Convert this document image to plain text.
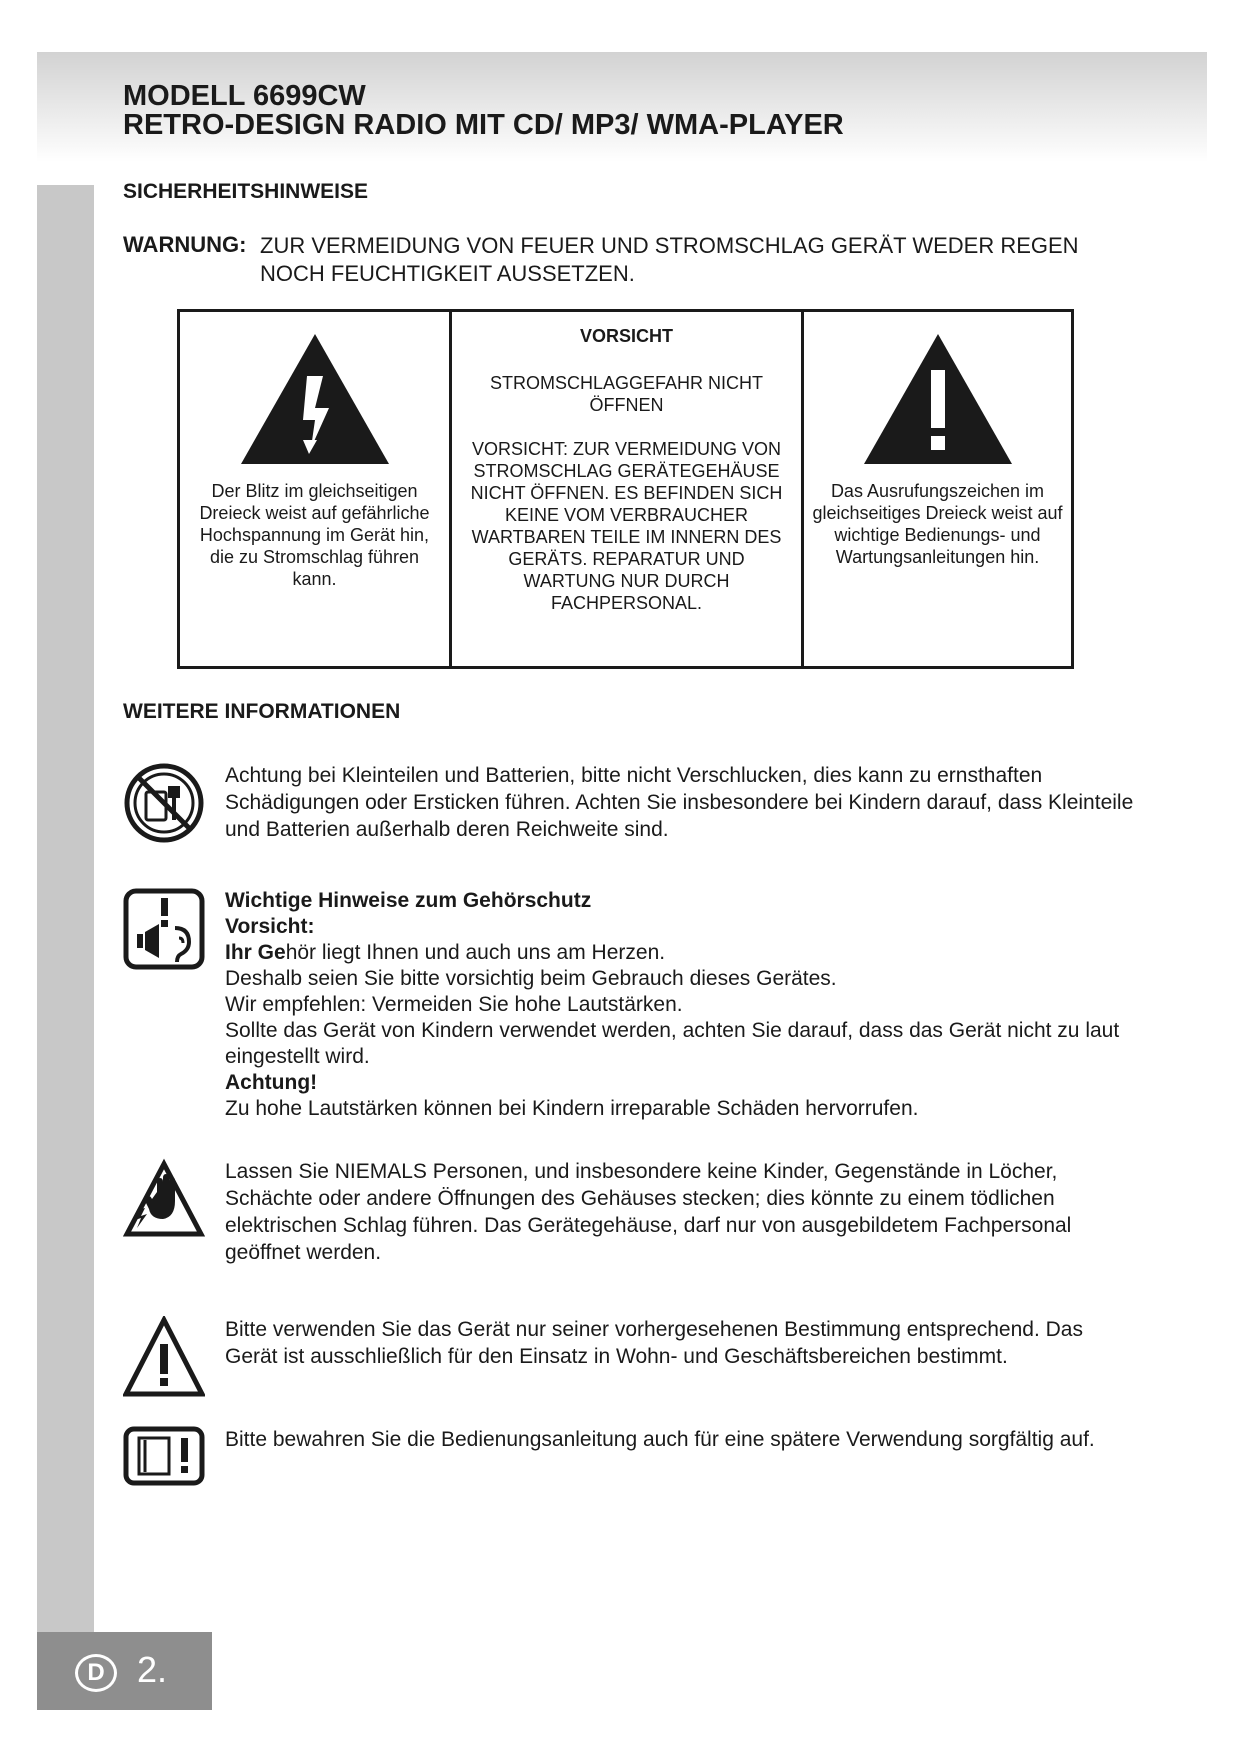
MODELL 6699CW
RETRO-DESIGN RADIO MIT CD/ MP3/ WMA-PLAYER
SICHERHEITSHINWEISE
WARNUNG: ZUR VERMEIDUNG VON FEUER UND STROMSCHLAG GERÄT WEDER REGEN NOCH FEUCHTIGKEIT AUSSETZEN.
Der Blitz im gleichseitigen Dreieck weist auf gefährliche Hochspannung im Gerät hin, die zu Stromschlag führen kann.
VORSICHT
STROMSCHLAGGEFAHR NICHT ÖFFNEN
VORSICHT: ZUR VERMEIDUNG VON STROMSCHLAG GERÄTEGEHÄUSE NICHT ÖFFNEN. ES BEFINDEN SICH KEINE VOM VERBRAUCHER WARTBAREN TEILE IM INNERN DES GERÄTS. REPARATUR UND WARTUNG NUR DURCH FACHPERSONAL.
Das Ausrufungszeichen im gleichseitiges Dreieck weist auf wichtige Bedienungs- und Wartungsanleitungen hin.
WEITERE INFORMATIONEN
Achtung bei Kleinteilen und Batterien, bitte nicht Verschlucken, dies kann zu ernsthaften Schädigungen oder Ersticken führen. Achten Sie insbesondere bei Kindern darauf, dass Kleinteile und Batterien außerhalb deren Reichweite sind.

Wichtige Hinweise zum Gehörschutz

Vorsicht:

Ihr Gehör liegt Ihnen und auch uns am Herzen.

Deshalb seien Sie bitte vorsichtig beim Gebrauch dieses Gerätes.

Wir empfehlen: Vermeiden Sie hohe Lautstärken.

Sollte das Gerät von Kindern verwendet werden, achten Sie darauf, dass das Gerät nicht zu laut eingestellt wird.

Achtung!

Zu hohe Lautstärken können bei Kindern irreparable Schäden hervorrufen.

Lassen Sie NIEMALS Personen, und insbesondere keine Kinder, Gegenstände in Löcher, Schächte oder andere Öffnungen des Gehäuses stecken; dies könnte zu einem tödlichen elektrischen Schlag führen. Das Gerätegehäuse, darf nur von ausgebildetem Fachpersonal geöffnet werden.
Bitte verwenden Sie das Gerät nur seiner vorhergesehenen Bestimmung entsprechend. Das Gerät ist ausschließlich für den Einsatz in Wohn- und Geschäftsbereichen bestimmt.
Bitte bewahren Sie die Bedienungsanleitung auch für eine spätere Verwendung sorgfältig auf.
D 2.
